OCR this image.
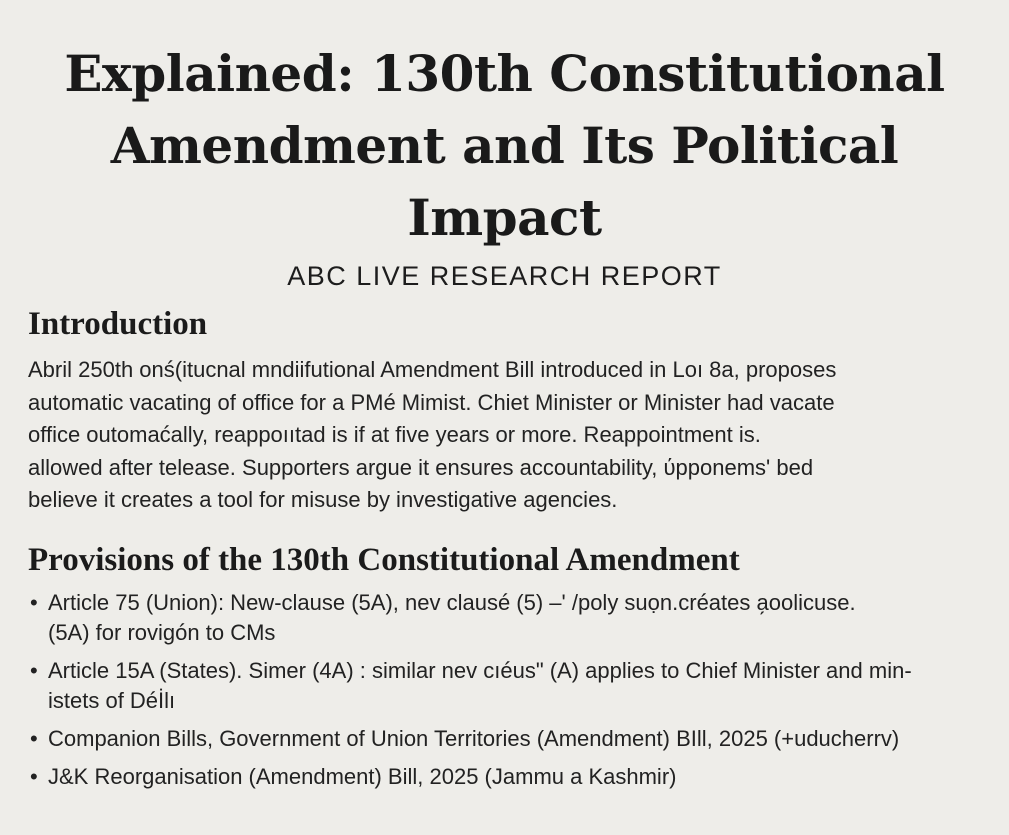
Explained: 130th Constitutional
Amendment and Its Political
Impact

ABC LIVE RESEARCH REPORT

Introduction

Abril 250th onś(itucnal mndiifutional Amendment Bill introduced in Loı 8a, proposes
automatic vacating of office for a PMé Mimist. Chiet Minister or Minister had vacate
office outomaćally, reappoııtad is if at five years or more. Reappointment is.
allowed after telease. Supporters argue it ensures accountability, ύpponems' bed
believe it creates a tool for misuse by investigative agencies.

Provisions of the 130th Constitutional Amendment
• Article 75 (Union): New-clause (5A), nev clausé (5) –' /poly suọn.créates a̗oolicuse.
(5A) for rovigón to CMs
• Article 15A (States). Simer (4A) : similar nev cıéus" (A) applies to Chief Minister and min-
istets of Déİlı
• Companion Bills, Government of Union Territories (Amendment) BIll, 2025 (+uducherrv)
• J&K Reorganisation (Amendment) Bill, 2025 (Jammu a Kashmir)
